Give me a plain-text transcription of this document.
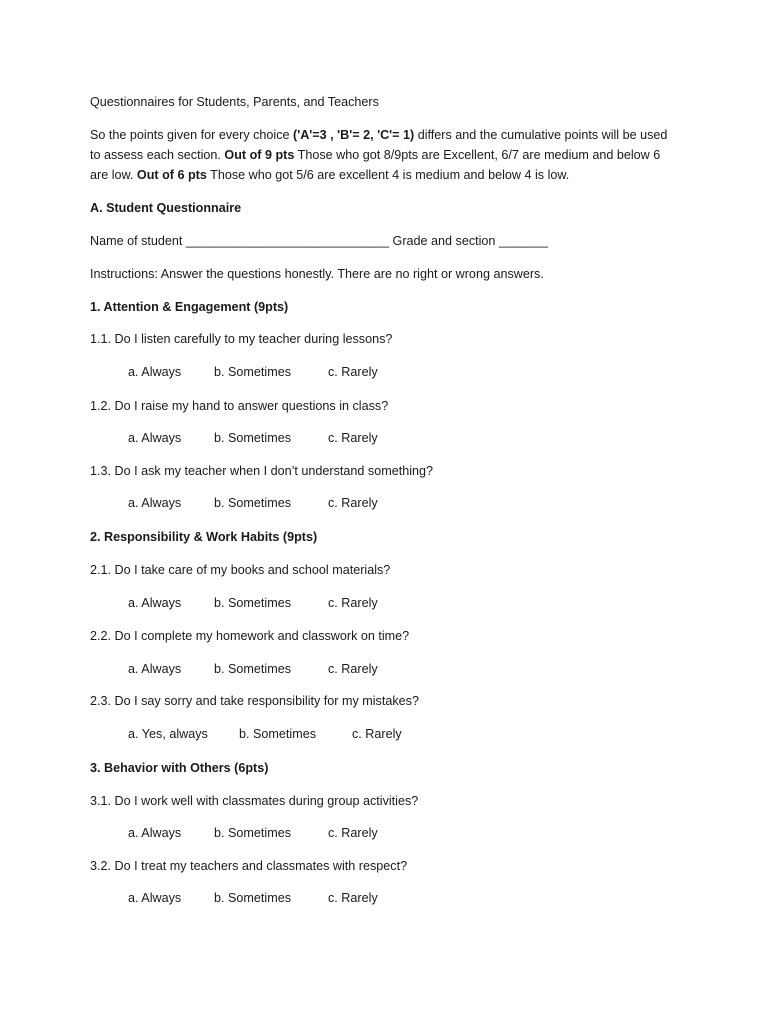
Questionnaires for Students, Parents, and Teachers
So the points given for every choice ('A'=3 , 'B'= 2, 'C'= 1) differs and the cumulative points will be used
to assess each section. Out of 9 pts Those who got 8/9pts are Excellent, 6/7 are medium and below 6
are low. Out of 6 pts Those who got 5/6 are excellent 4 is medium and below 4 is low.
A. Student Questionnaire
Name of student _____________________________ Grade and section _______
Instructions: Answer the questions honestly. There are no right or wrong answers.
1. Attention & Engagement (9pts)
1.1. Do I listen carefully to my teacher during lessons?
a. Always	b. Sometimes	c. Rarely
1.2. Do I raise my hand to answer questions in class?
a. Always	b. Sometimes	c. Rarely
1.3. Do I ask my teacher when I don’t understand something?
a. Always	b. Sometimes	c. Rarely
2. Responsibility & Work Habits (9pts)
2.1. Do I take care of my books and school materials?
a. Always	b. Sometimes	c. Rarely
2.2. Do I complete my homework and classwork on time?
a. Always	b. Sometimes	c. Rarely
2.3. Do I say sorry and take responsibility for my mistakes?
a. Yes, always b. Sometimes	c. Rarely
3. Behavior with Others (6pts)
3.1. Do I work well with classmates during group activities?
a. Always	b. Sometimes	c. Rarely
3.2. Do I treat my teachers and classmates with respect?
a. Always	b. Sometimes	c. Rarely
